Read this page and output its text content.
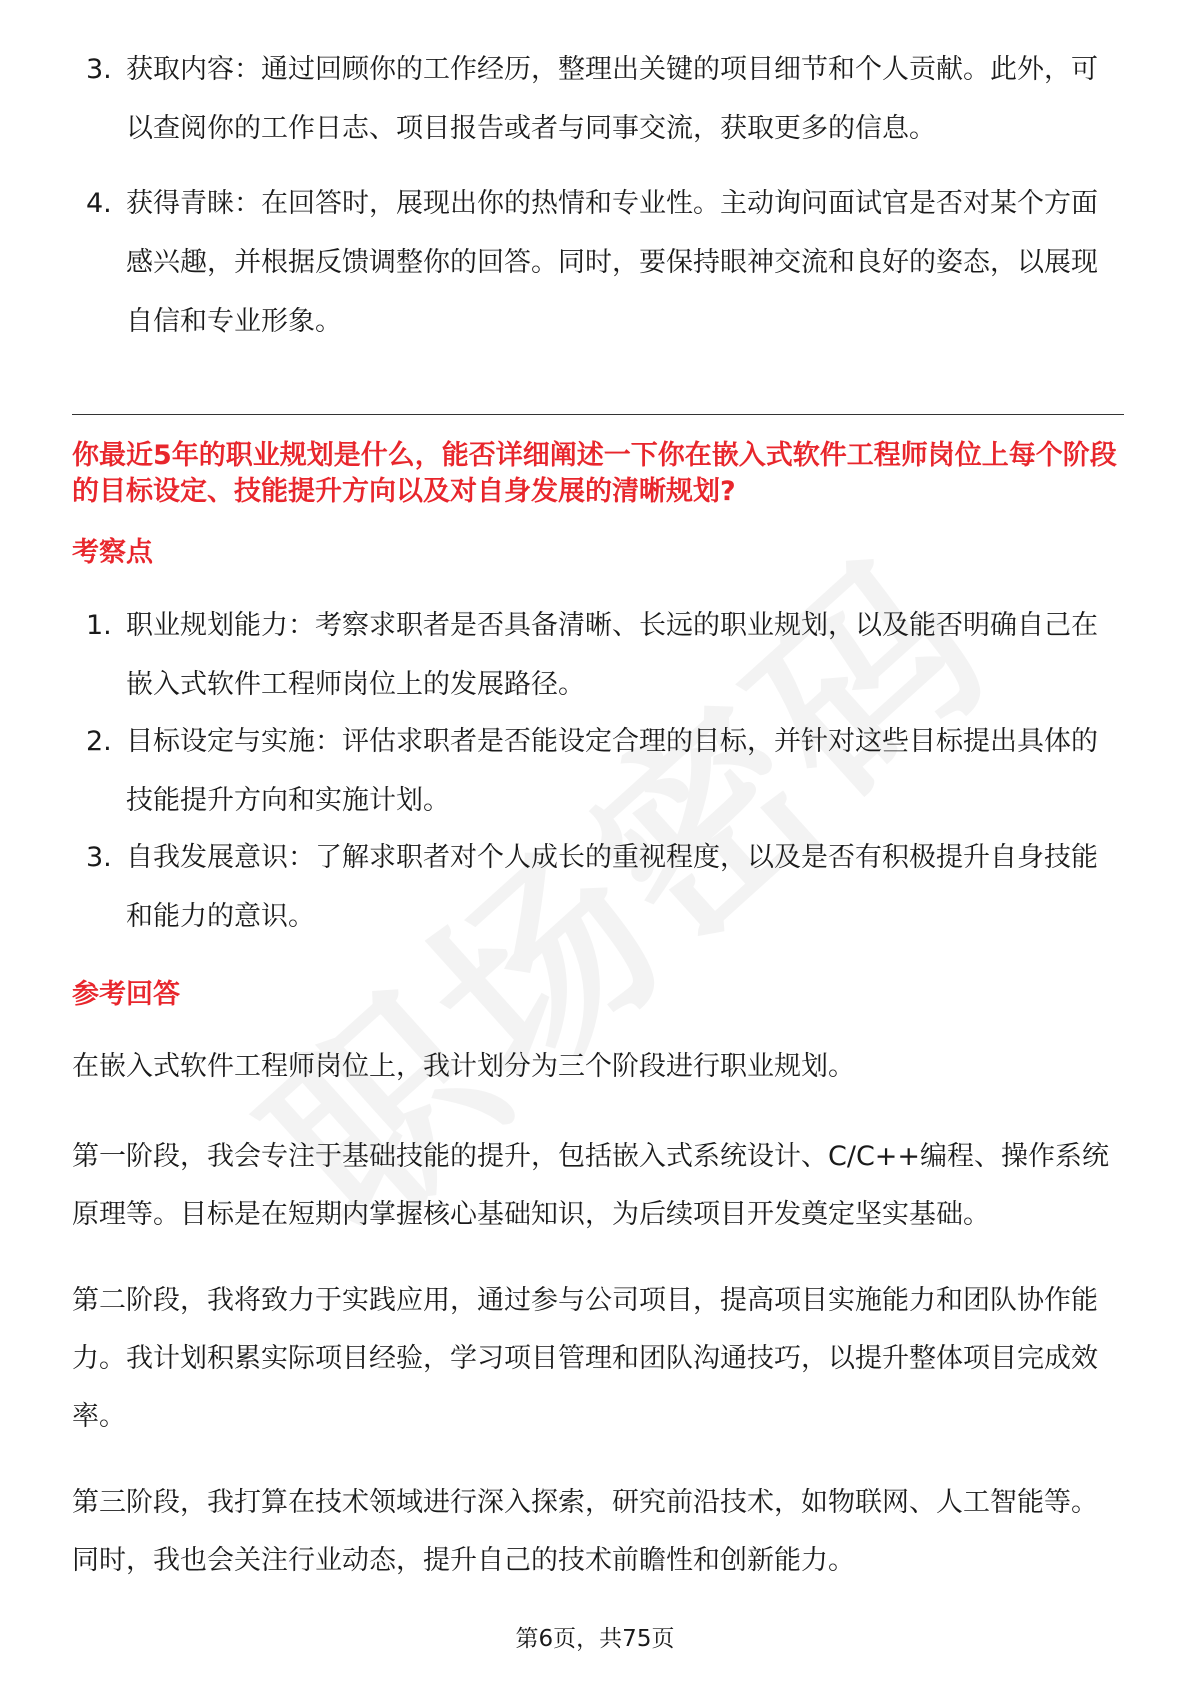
3. 获取内容：通过回顾你的工作经历，整理出关键的项目细节和个人贡献。此外，可以查阅你的工作日志、项目报告或者与同事交流，获取更多的信息。
4. 获得青睐：在回答时，展现出你的热情和专业性。主动询问面试官是否对某个方面感兴趣，并根据反馈调整你的回答。同时，要保持眼神交流和良好的姿态，以展现自信和专业形象。
你最近5年的职业规划是什么，能否详细阐述一下你在嵌入式软件工程师岗位上每个阶段的目标设定、技能提升方向以及对自身发展的清晰规划?
考察点
1. 职业规划能力：考察求职者是否具备清晰、长远的职业规划，以及能否明确自己在嵌入式软件工程师岗位上的发展路径。
2. 目标设定与实施：评估求职者是否能设定合理的目标，并针对这些目标提出具体的技能提升方向和实施计划。
3. 自我发展意识：了解求职者对个人成长的重视程度，以及是否有积极提升自身技能和能力的意识。
参考回答
在嵌入式软件工程师岗位上，我计划分为三个阶段进行职业规划。
第一阶段，我会专注于基础技能的提升，包括嵌入式系统设计、C/C++编程、操作系统原理等。目标是在短期内掌握核心基础知识，为后续项目开发奠定坚实基础。
第二阶段，我将致力于实践应用，通过参与公司项目，提高项目实施能力和团队协作能力。我计划积累实际项目经验，学习项目管理和团队沟通技巧，以提升整体项目完成效率。
第三阶段，我打算在技术领域进行深入探索，研究前沿技术，如物联网、人工智能等。同时，我也会关注行业动态，提升自己的技术前瞻性和创新能力。
第6页，共75页
